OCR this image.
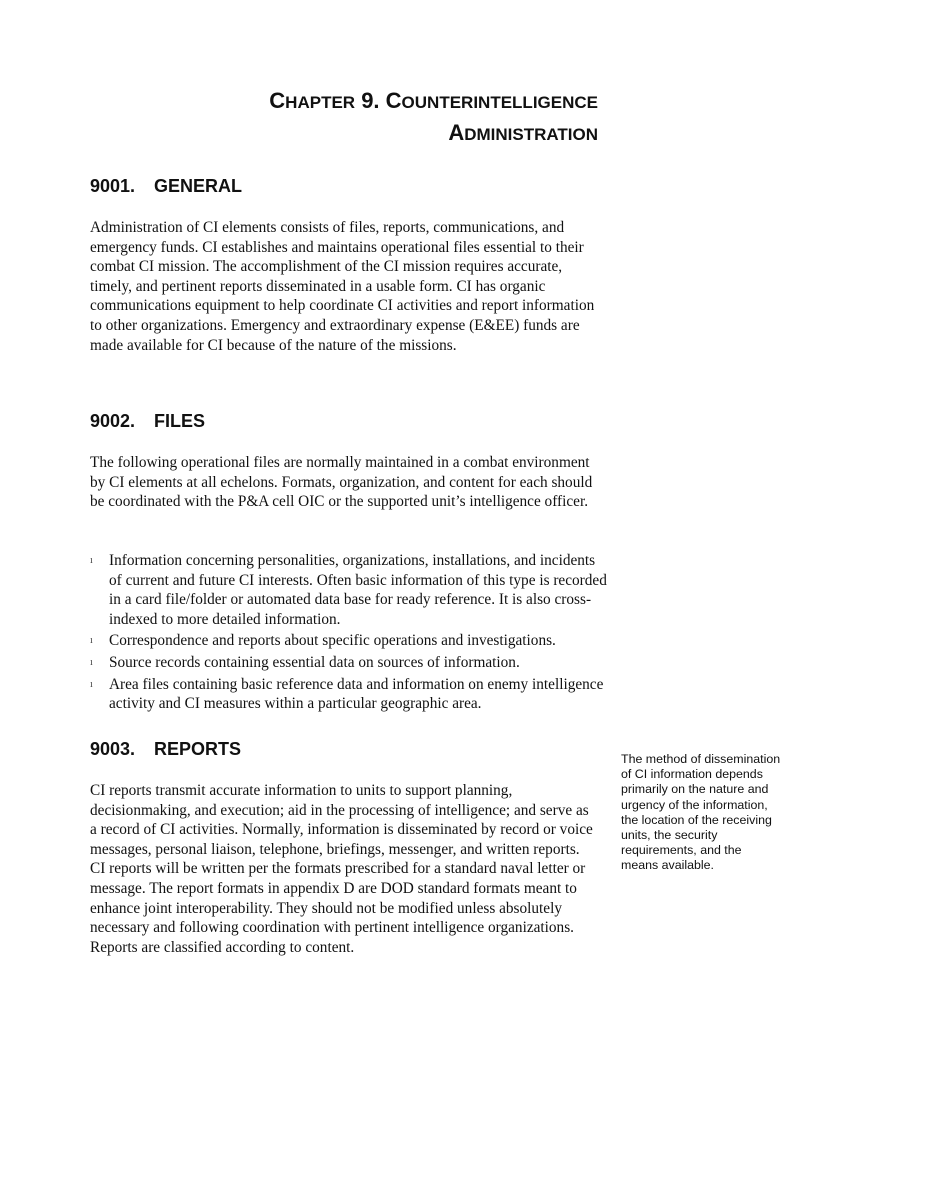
CHAPTER 9. COUNTERINTELLIGENCE
ADMINISTRATION
9001. GENERAL

Administration of CI elements consists of files, reports, communications, and emergency funds. CI establishes and maintains operational files essential to their combat CI mission. The accomplishment of the CI mission requires accurate, timely, and pertinent reports disseminated in a usable form. CI has organic communications equipment to help coordinate CI activities and report information to other organizations. Emergency and extraordinary expense (E&EE) funds are made available for CI because of the nature of the missions.

9002. FILES

The following operational files are normally maintained in a combat environment by CI elements at all echelons. Formats, organization, and content for each should be coordinated with the P&A cell OIC or the supported unit’s intelligence officer.

ı Information concerning personalities, organizations, installations, and incidents of current and future CI interests. Often basic information of this type is recorded in a card file/folder or automated data base for ready reference. It is also cross-indexed to more detailed information.
ı Correspondence and reports about specific operations and investigations.
ı Source records containing essential data on sources of information.
ı Area files containing basic reference data and information on enemy intelligence activity and CI measures within a particular geographic area.
9003. REPORTS

CI reports transmit accurate information to units to support planning, decisionmaking, and execution; aid in the processing of intelligence; and serve as a record of CI activities. Normally, information is disseminated by record or voice messages, personal liaison, telephone, briefings, messenger, and written reports. CI reports will be written per the formats prescribed for a standard naval letter or message. The report formats in appendix D are DOD standard formats meant to enhance joint interoperability. They should not be modified unless absolutely necessary and following coordination with pertinent intelligence organizations. Reports are classified according to content.

The method of dissemination of CI information depends primarily on the nature and urgency of the information, the location of the receiving units, the security requirements, and the means available.
